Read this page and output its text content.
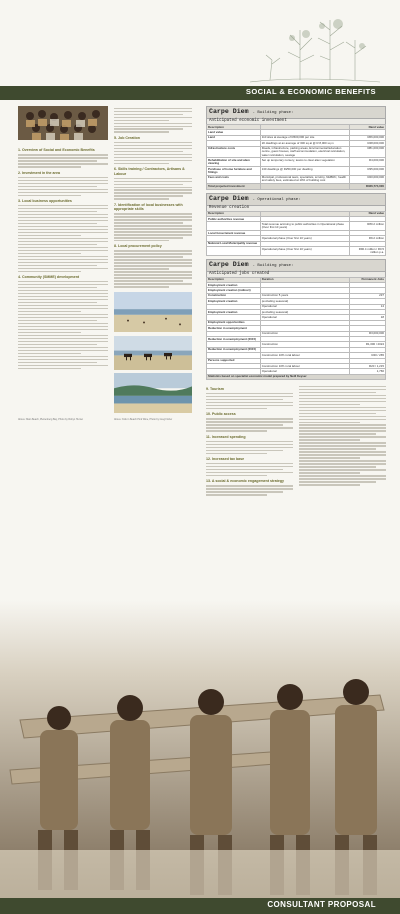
SOCIAL & ECONOMIC BENEFITS
1. Overview of Social and Economic Benefits
2. Investment in the area
3. Local business opportunities
4. Community (SMME) development
5. Job Creation
6. Skills training / Contractors, Artisans & Labour
7. Identification of local businesses with appropriate skills
8. Local procurement policy

Above: Main Beach, Plettenberg Bay, Photo by Robyn Hunter	Above: Kids in Beach Pink Wine, Photo by Greg Fisher
Carpe Diem - Building phase:
Anticipated economic investment
Description		Rand value
Land value		
Land	110 sites at average of R600,000 per site	R66,000,000
	20 dwellings at an average of 300 sq at @ R 8,000 sq m	R48,000,000
Infrastructure costs	Roads, infrastructure, parking areas, Environmental Education centre, guest houses, staff accommodation, electrical reticulation, water reticulation, sewage	R81,000,000
Rehabilitation of site and alien clearing	Set up temporary nursery, teams to clear alien vegetation	R4,000,000
Purchase of home furniture and fittings	130 dwellings @ R250,000 per dwelling	R35,000,000
Fees and costs	Municipal, professional team, specialists, scrutiny, NHBRC, health and safety fees, estimated at 10% of building cost	R20,000,000
Total projected investment		R466,774,000
Carpe Diem - Operational phase:
Revenue creation
Description		Rand value
Public authorities revenue		
	Total revenue accruing to public authorities in Operational phase (Over first 10 years)	R80.2 million
Local Government revenue		
	Operational phase (Over first 10 years)	R9.2 million
National Local Municipality revenue		
	Operational phase (Over first 10 years)	R90.4 million / R0.5 million p.a.
Carpe Diem - Building phase:
Anticipated jobs created
Description	Duration	Permanent Jobs
Employment creation		
Employment creation (indirect)		
Construction	Construction 5 years	237
Employment creation	(excluding seasonal)	
	Operational	14
Employment creation	(excluding seasonal)	
	Operational	18
Employment opportunities		
Reduction in unemployment		
	Construction	R3,000,000
Reduction in unemployment (2015)		
	Construction	R1,000 / 2024
Reduction in unemployment (2015)		
	Construction 10% rural labour	R40 / 265
Persons supported		
	Construction 10% rural labour	R20 / 1,215
	Operational	1,766
Statistics based on specialist economic model prepared by Neill Keyser		
9. Tourism
10. Public access
11. Increased spending
12. Increased tax base
13. A social & economic engagement strategy
CONSULTANT PROPOSAL
